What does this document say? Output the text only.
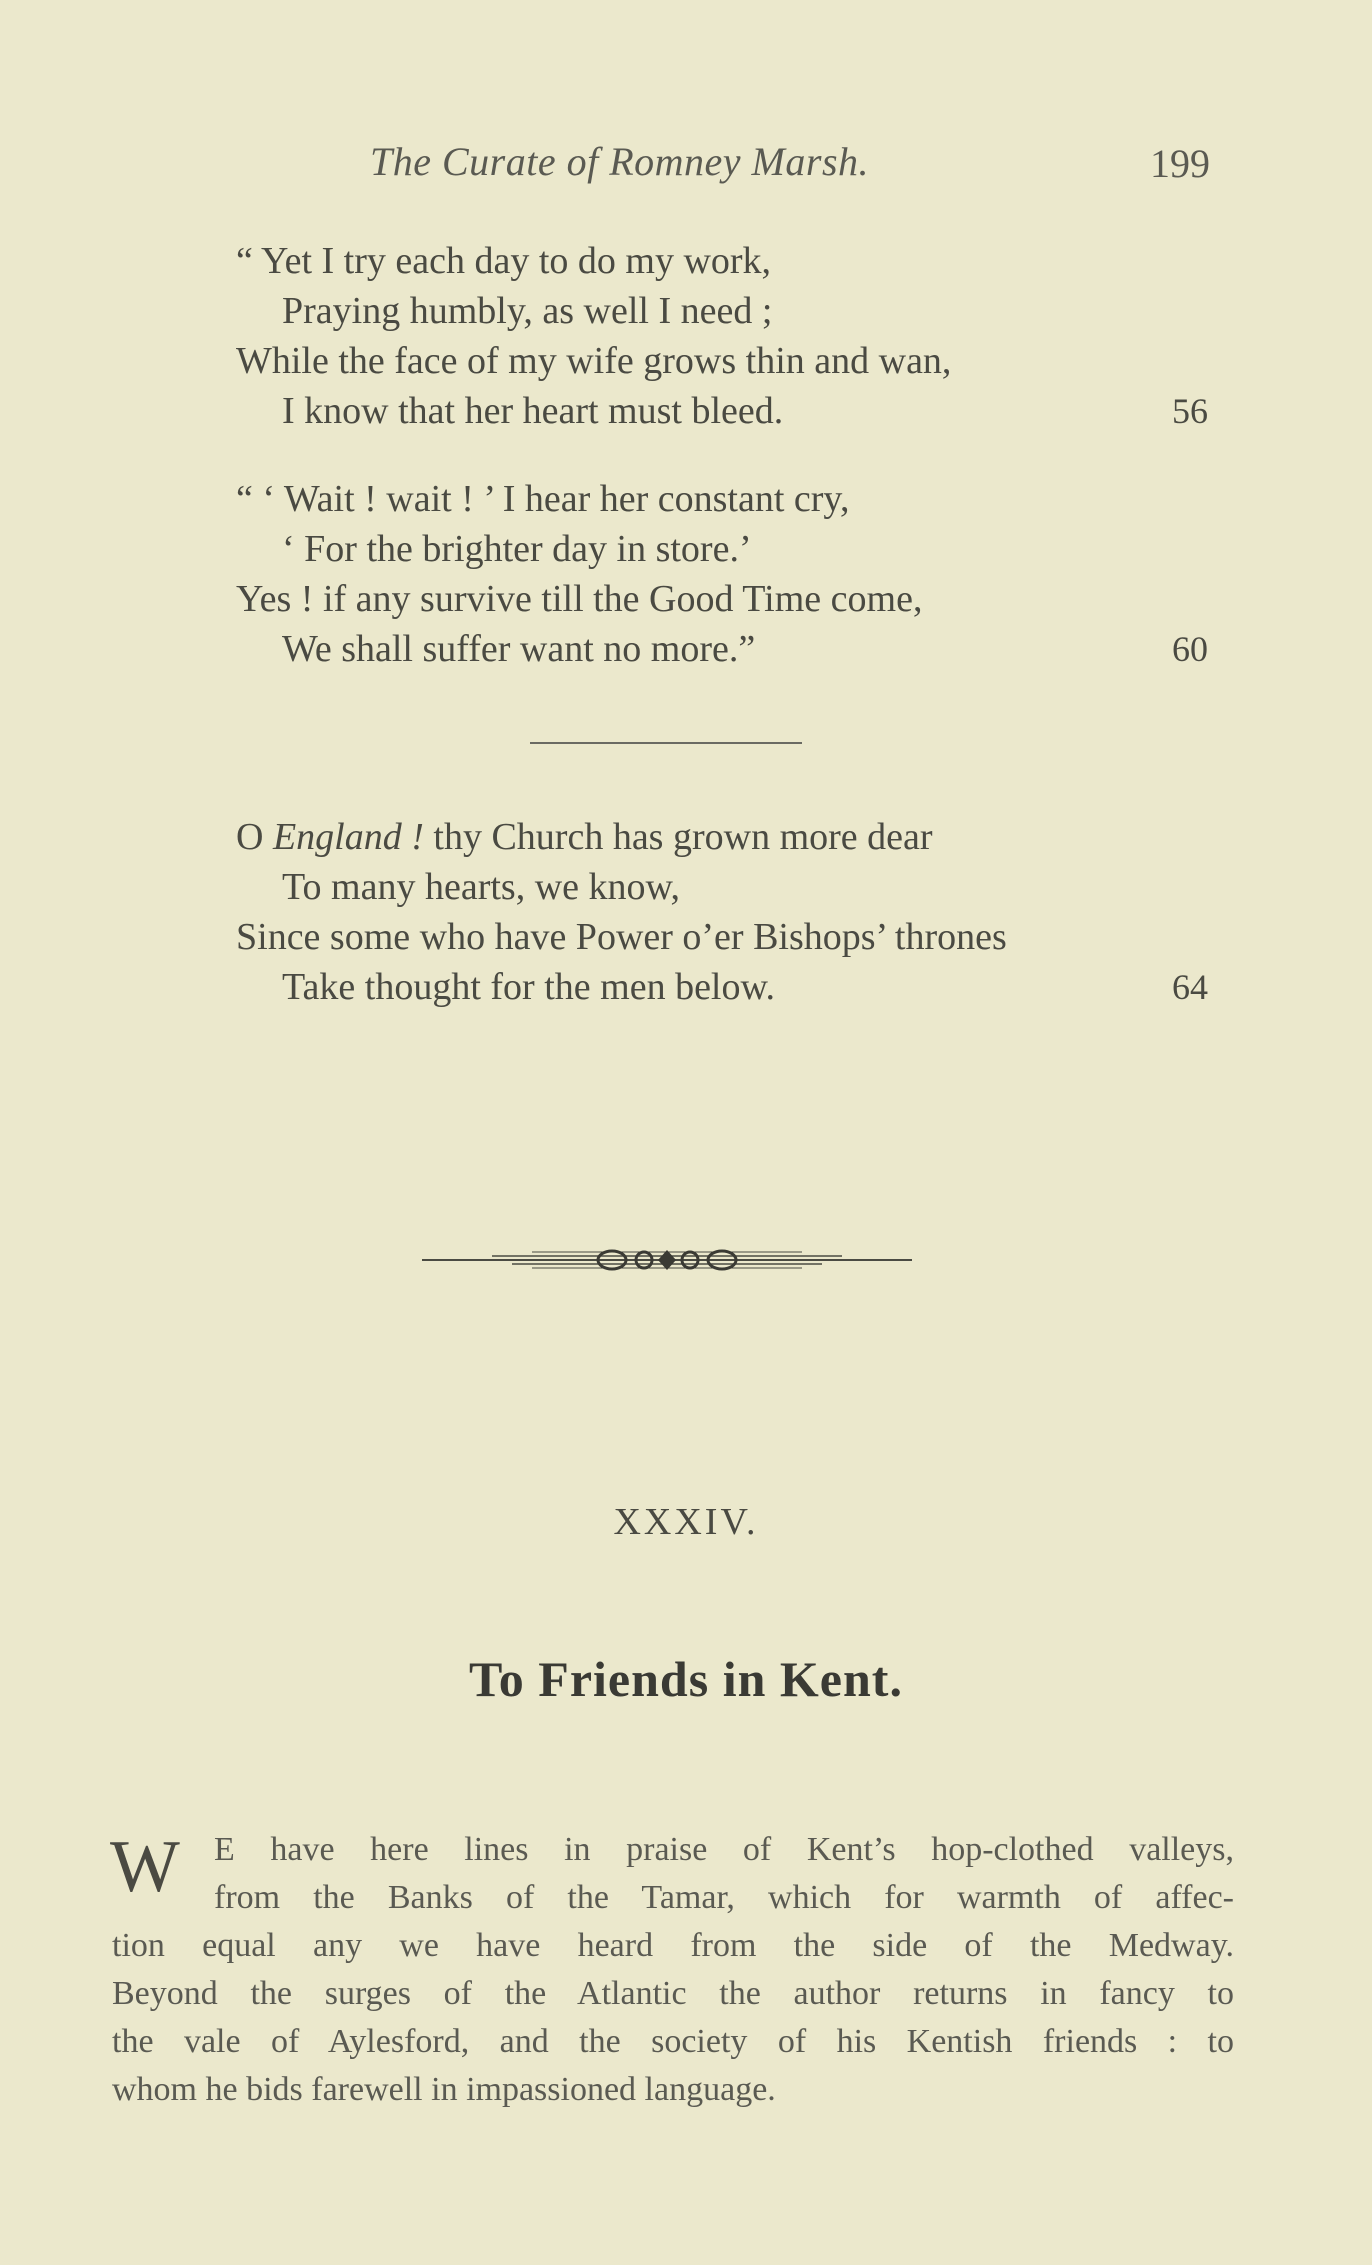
The Curate of Romney Marsh.	199
“ Yet I try each day to do my work,
Praying humbly, as well I need ;
While the face of my wife grows thin and wan,
I know that her heart must bleed.	56
“ ‘ Wait ! wait ! ’ I hear her constant cry,
‘ For the brighter day in store.’
Yes ! if any survive till the Good Time come,
We shall suffer want no more.”	60
O England ! thy Church has grown more dear
To many hearts, we know,
Since some who have Power o’er Bishops’ thrones
Take thought for the men below.	64
XXXIV.
To Friends in Kent.
W	E have here lines in praise of Kent’s hop-clothed valleys,
from the Banks of the Tamar, which for warmth of affec-
tion equal any we have heard from the side of the Medway.
Beyond the surges of the Atlantic the author returns in fancy to
the vale of Aylesford, and the society of his Kentish friends : to
whom he bids farewell in impassioned language.
